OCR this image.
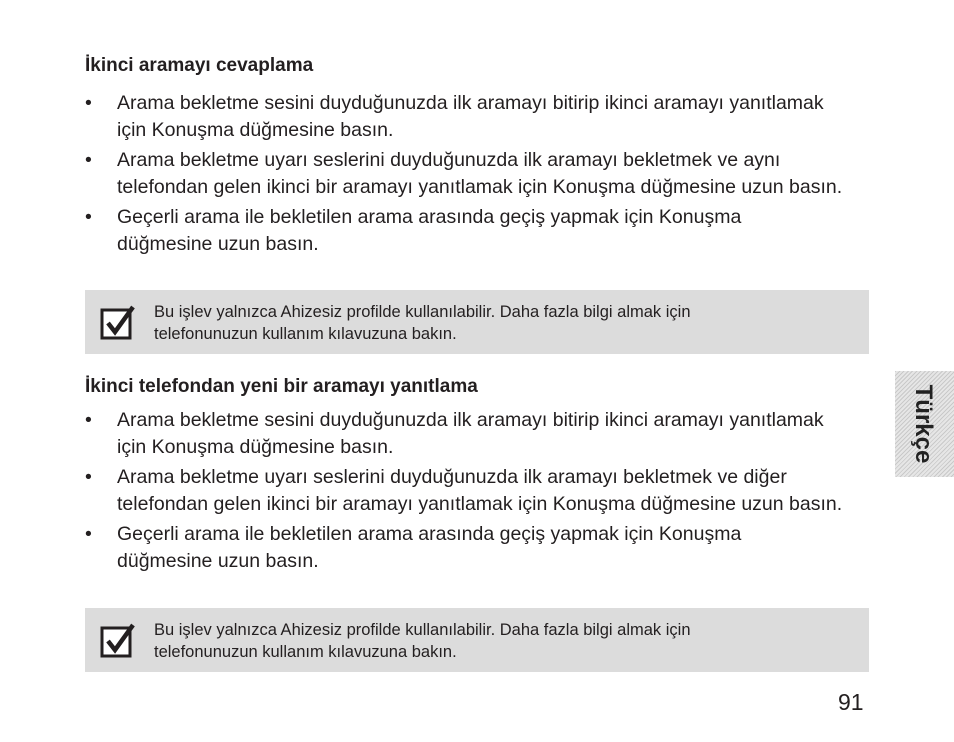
İkinci aramayı cevaplama
• Arama bekletme sesini duyduğunuzda ilk aramayı bitirip ikinci aramayı yanıtlamak için Konuşma düğmesine basın.
• Arama bekletme uyarı seslerini duyduğunuzda ilk aramayı bekletmek ve aynı telefondan gelen ikinci bir aramayı yanıtlamak için Konuşma düğmesine uzun basın.
• Geçerli arama ile bekletilen arama arasında geçiş yapmak için Konuşma düğmesine uzun basın.
Bu işlev yalnızca Ahizesiz profilde kullanılabilir. Daha fazla bilgi almak için telefonunuzun kullanım kılavuzuna bakın.
İkinci telefondan yeni bir aramayı yanıtlama
• Arama bekletme sesini duyduğunuzda ilk aramayı bitirip ikinci aramayı yanıtlamak için Konuşma düğmesine basın.
• Arama bekletme uyarı seslerini duyduğunuzda ilk aramayı bekletmek ve diğer telefondan gelen ikinci bir aramayı yanıtlamak için Konuşma düğmesine uzun basın.
• Geçerli arama ile bekletilen arama arasında geçiş yapmak için Konuşma düğmesine uzun basın.
Bu işlev yalnızca Ahizesiz profilde kullanılabilir. Daha fazla bilgi almak için telefonunuzun kullanım kılavuzuna bakın.
Türkçe
91
